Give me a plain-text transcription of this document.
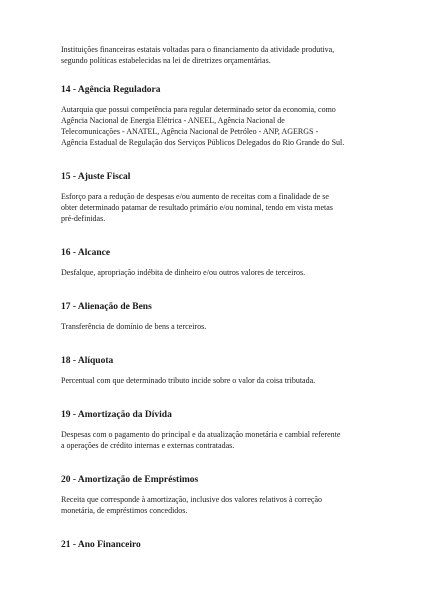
Instituições financeiras estatais voltadas para o financiamento da atividade produtiva,
segundo políticas estabelecidas na lei de diretrizes orçamentárias.

14 - Agência Reguladora

Autarquia que possui competência para regular determinado setor da economia, como
Agência Nacional de Energia Elétrica - ANEEL, Agência Nacional de
Telecomunicações - ANATEL, Agência Nacional de Petróleo - ANP, AGERGS -
Agência Estadual de Regulação dos Serviços Públicos Delegados do Rio Grande do Sul.

15 - Ajuste Fiscal

Esforço para a redução de despesas e/ou aumento de receitas com a finalidade de se
obter determinado patamar de resultado primário e/ou nominal, tendo em vista metas
pré-definidas.

16 - Alcance

Desfalque, apropriação indébita de dinheiro e/ou outros valores de terceiros.

17 - Alienação de Bens

Transferência de domínio de bens a terceiros.

18 - Alíquota

Percentual com que determinado tributo incide sobre o valor da coisa tributada.

19 - Amortização da Dívida

Despesas com o pagamento do principal e da atualização monetária e cambial referente
a operações de crédito internas e externas contratadas.

20 - Amortização de Empréstimos

Receita que corresponde à amortização, inclusive dos valores relativos à correção
monetária, de empréstimos concedidos.

21 - Ano Financeiro
